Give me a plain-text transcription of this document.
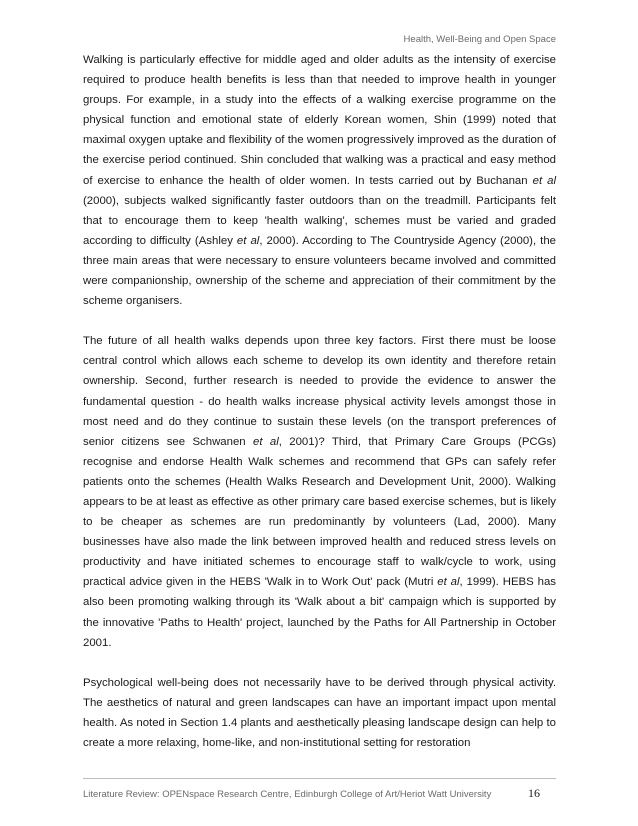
Health, Well-Being and Open Space

Walking is particularly effective for middle aged and older adults as the intensity of exercise required to produce health benefits is less than that needed to improve health in younger groups. For example, in a study into the effects of a walking exercise programme on the physical function and emotional state of elderly Korean women, Shin (1999) noted that maximal oxygen uptake and flexibility of the women progressively improved as the duration of the exercise period continued. Shin concluded that walking was a practical and easy method of exercise to enhance the health of older women. In tests carried out by Buchanan et al (2000), subjects walked significantly faster outdoors than on the treadmill. Participants felt that to encourage them to keep 'health walking', schemes must be varied and graded according to difficulty (Ashley et al, 2000). According to The Countryside Agency (2000), the three main areas that were necessary to ensure volunteers became involved and committed were companionship, ownership of the scheme and appreciation of their commitment by the scheme organisers.

The future of all health walks depends upon three key factors. First there must be loose central control which allows each scheme to develop its own identity and therefore retain ownership. Second, further research is needed to provide the evidence to answer the fundamental question - do health walks increase physical activity levels amongst those in most need and do they continue to sustain these levels (on the transport preferences of senior citizens see Schwanen et al, 2001)? Third, that Primary Care Groups (PCGs) recognise and endorse Health Walk schemes and recommend that GPs can safely refer patients onto the schemes (Health Walks Research and Development Unit, 2000). Walking appears to be at least as effective as other primary care based exercise schemes, but is likely to be cheaper as schemes are run predominantly by volunteers (Lad, 2000). Many businesses have also made the link between improved health and reduced stress levels on productivity and have initiated schemes to encourage staff to walk/cycle to work, using practical advice given in the HEBS 'Walk in to Work Out' pack (Mutri et al, 1999). HEBS has also been promoting walking through its 'Walk about a bit' campaign which is supported by the innovative 'Paths to Health' project, launched by the Paths for All Partnership in October 2001.

Psychological well-being does not necessarily have to be derived through physical activity. The aesthetics of natural and green landscapes can have an important impact upon mental health. As noted in Section 1.4 plants and aesthetically pleasing landscape design can help to create a more relaxing, home-like, and non-institutional setting for restoration

Literature Review: OPENspace Research Centre, Edinburgh College of Art/Heriot Watt University	16
